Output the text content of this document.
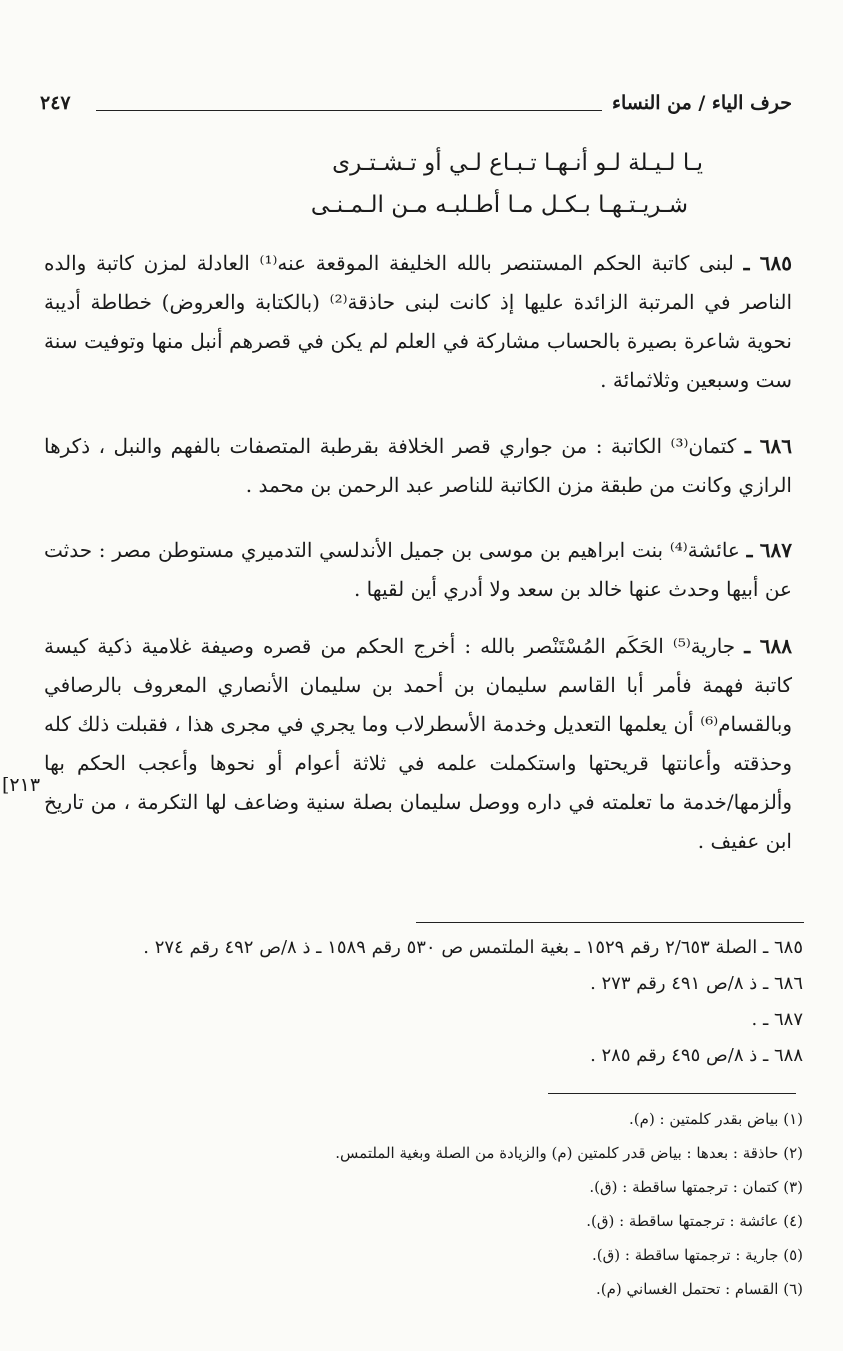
حرف الياء / من النساء
٢٤٧
يـا لـيـلة لـو أنـهـا تـبـاع لـي أو تـشـتـرى
شـريـتـهـا بـكـل مـا أطـلبـه مـن الـمـنـى
٦٨٥ ـ لبنى كاتبة الحكم المستنصر بالله الخليفة الموقعة عنه⁽¹⁾ العادلة لمزن كاتبة والده الناصر في المرتبة الزائدة عليها إذ كانت لبنى حاذقة⁽²⁾ (بالكتابة والعروض) خطاطة أديبة نحوية شاعرة بصيرة بالحساب مشاركة في العلم لم يكن في قصرهم أنبل منها وتوفيت سنة ست وسبعين وثلاثمائة .
٦٨٦ ـ كتمان⁽³⁾ الكاتبة : من جواري قصر الخلافة بقرطبة المتصفات بالفهم والنبل ، ذكرها الرازي وكانت من طبقة مزن الكاتبة للناصر عبد الرحمن بن محمد .
٦٨٧ ـ عائشة⁽⁴⁾ بنت ابراهيم بن موسى بن جميل الأندلسي التدميري مستوطن مصر : حدثت عن أبيها وحدث عنها خالد بن سعد ولا أدري أين لقيها .
٦٨٨ ـ جارية⁽⁵⁾ الحَكَم المُسْتَنْصر بالله : أخرج الحكم من قصره وصيفة غلامية ذكية كيسة كاتبة فهمة فأمر أبا القاسم سليمان بن أحمد بن سليمان الأنصاري المعروف بالرصافي وبالقسام⁽⁶⁾ أن يعلمها التعديل وخدمة الأسطرلاب وما يجري في مجرى هذا ، فقبلت ذلك كله وحذقته وأعانتها قريحتها واستكملت علمه في ثلاثة أعوام أو نحوها وأعجب الحكم بها وألزمها/خدمة ما تعلمته في داره ووصل سليمان بصلة سنية وضاعف لها التكرمة ، من تاريخ ابن عفيف .
[٢١٣
٦٨٥ ـ الصلة ٢/٦٥٣ رقم ١٥٢٩ ـ بغية الملتمس ص ٥٣٠ رقم ١٥٨٩ ـ ذ ٨/ص ٤٩٢ رقم ٢٧٤ .
٦٨٦ ـ ذ ٨/ص ٤٩١ رقم ٢٧٣ .
٦٨٧ ـ .
٦٨٨ ـ ذ ٨/ص ٤٩٥ رقم ٢٨٥ .
(١) بياض بقدر كلمتين : (م).
(٢) حاذقة : بعدها : بياض قدر كلمتين (م) والزيادة من الصلة وبغية الملتمس.
(٣) كتمان : ترجمتها ساقطة : (ق).
(٤) عائشة : ترجمتها ساقطة : (ق).
(٥) جارية : ترجمتها ساقطة : (ق).
(٦) القسام : تحتمل الغساني (م).
